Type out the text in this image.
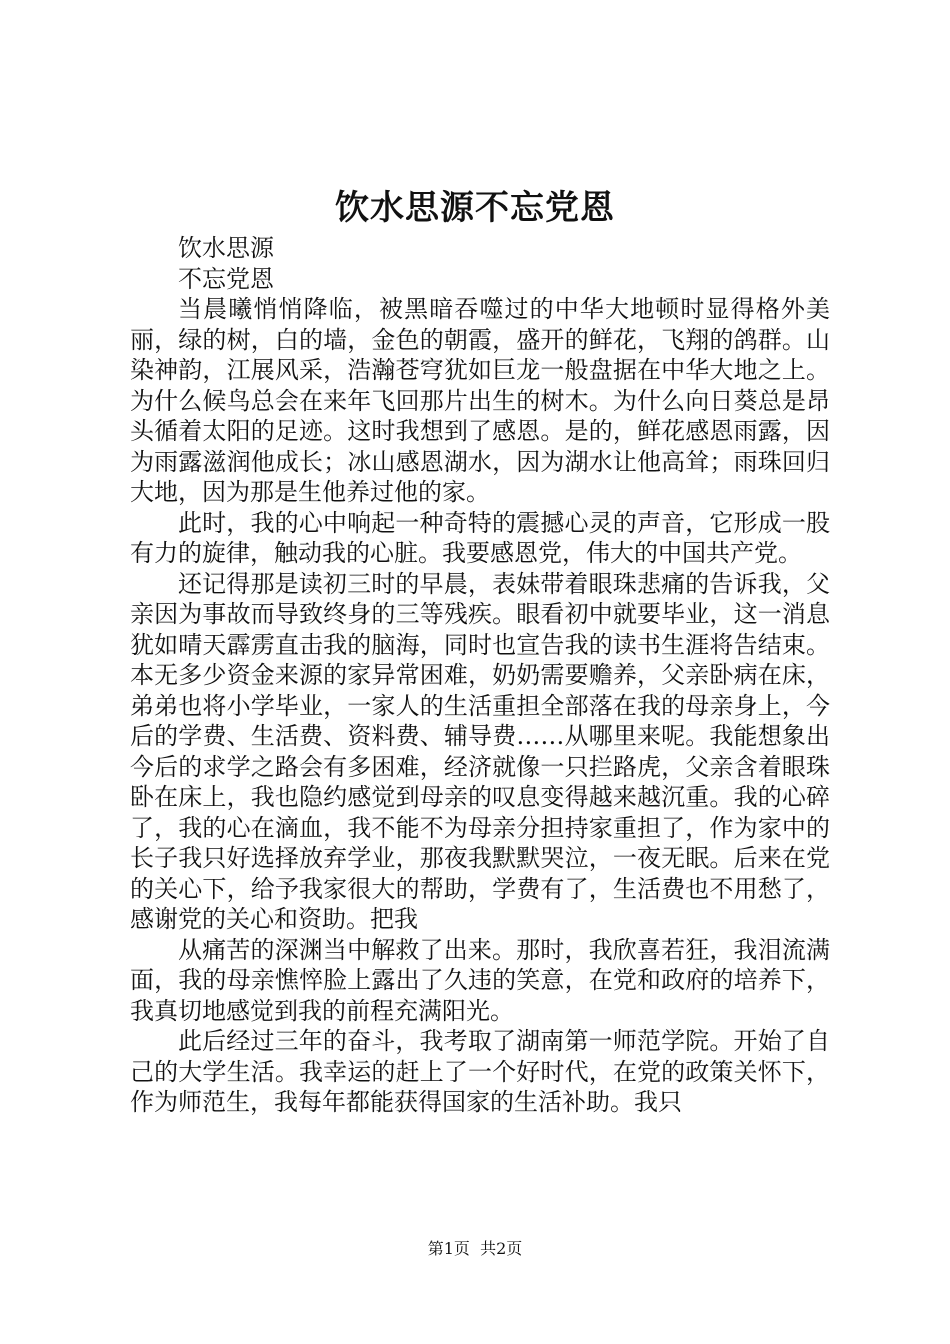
饮水思源不忘党恩

饮水思源

不忘党恩

当晨曦悄悄降临，被黑暗吞噬过的中华大地顿时显得格外美丽，绿的树，白的墙，金色的朝霞，盛开的鲜花，飞翔的鸽群。山染神韵，江展风采，浩瀚苍穹犹如巨龙一般盘据在中华大地之上。为什么候鸟总会在来年飞回那片出生的树木。为什么向日葵总是昂头循着太阳的足迹。这时我想到了感恩。是的，鲜花感恩雨露，因为雨露滋润他成长；冰山感恩湖水，因为湖水让他高耸；雨珠回归大地，因为那是生他养过他的家。

此时，我的心中响起一种奇特的震撼心灵的声音，它形成一股有力的旋律，触动我的心脏。我要感恩党，伟大的中国共产党。

还记得那是读初三时的早晨，表妹带着眼珠悲痛的告诉我，父亲因为事故而导致终身的三等残疾。眼看初中就要毕业，这一消息犹如晴天霹雳直击我的脑海，同时也宣告我的读书生涯将告结束。本无多少资金来源的家异常困难，奶奶需要赡养，父亲卧病在床，弟弟也将小学毕业，一家人的生活重担全部落在我的母亲身上，今后的学费、生活费、资料费、辅导费……从哪里来呢。我能想象出今后的求学之路会有多困难，经济就像一只拦路虎，父亲含着眼珠卧在床上，我也隐约感觉到母亲的叹息变得越来越沉重。我的心碎了，我的心在滴血，我不能不为母亲分担持家重担了，作为家中的长子我只好选择放弃学业，那夜我默默哭泣，一夜无眠。后来在党的关心下，给予我家很大的帮助，学费有了，生活费也不用愁了，感谢党的关心和资助。把我

从痛苦的深渊当中解救了出来。那时，我欣喜若狂，我泪流满面，我的母亲憔悴脸上露出了久违的笑意，在党和政府的培养下，我真切地感觉到我的前程充满阳光。

此后经过三年的奋斗，我考取了湖南第一师范学院。开始了自己的大学生活。我幸运的赶上了一个好时代，在党的政策关怀下，作为师范生，我每年都能获得国家的生活补助。我只

第1页 共2页
